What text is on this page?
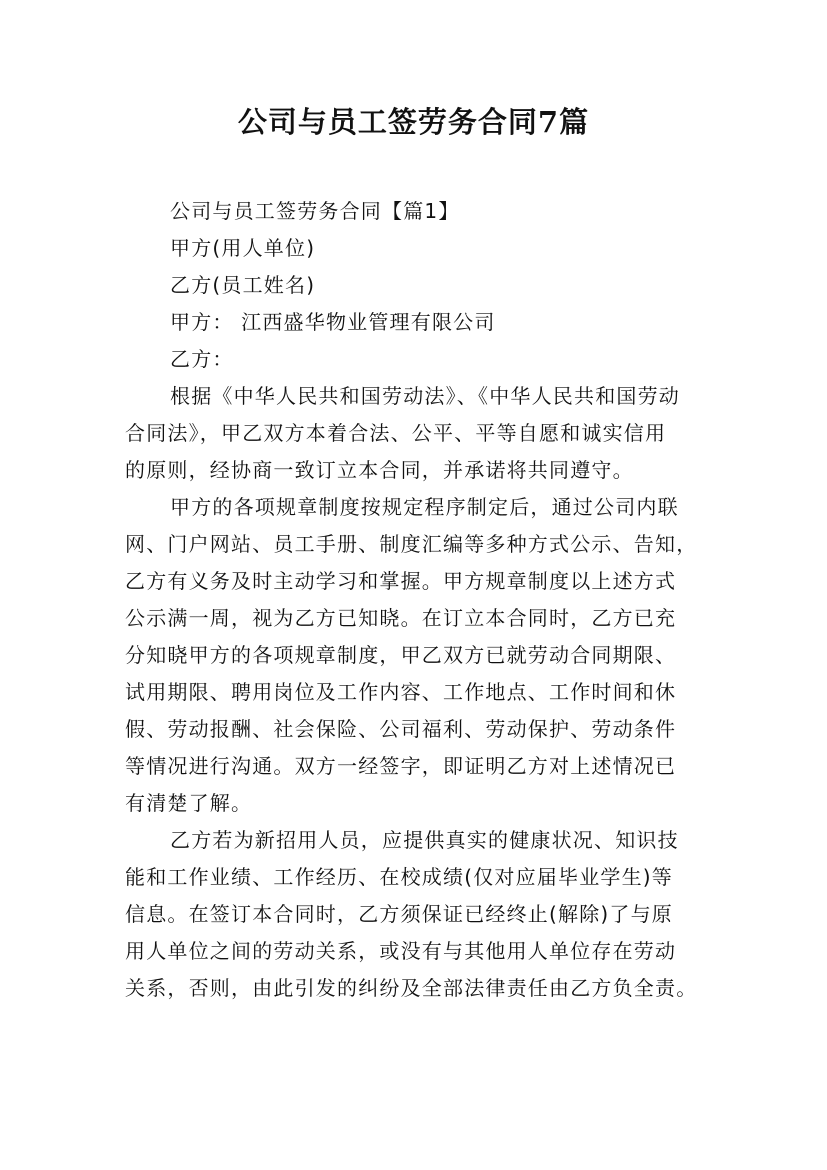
公司与员工签劳务合同7篇
公司与员工签劳务合同【篇1】
甲方(用人单位)
乙方(员工姓名)
甲方： 江西盛华物业管理有限公司
乙方：
根据《中华人民共和国劳动法》、《中华人民共和国劳动
合同法》，甲乙双方本着合法、公平、平等自愿和诚实信用
的原则，经协商一致订立本合同，并承诺将共同遵守。
甲方的各项规章制度按规定程序制定后，通过公司内联
网、门户网站、员工手册、制度汇编等多种方式公示、告知，
乙方有义务及时主动学习和掌握。甲方规章制度以上述方式
公示满一周，视为乙方已知晓。在订立本合同时，乙方已充
分知晓甲方的各项规章制度，甲乙双方已就劳动合同期限、
试用期限、聘用岗位及工作内容、工作地点、工作时间和休
假、劳动报酬、社会保险、公司福利、劳动保护、劳动条件
等情况进行沟通。双方一经签字，即证明乙方对上述情况已
有清楚了解。
乙方若为新招用人员，应提供真实的健康状况、知识技
能和工作业绩、工作经历、在校成绩(仅对应届毕业学生)等
信息。在签订本合同时，乙方须保证已经终止(解除)了与原
用人单位之间的劳动关系，或没有与其他用人单位存在劳动
关系，否则，由此引发的纠纷及全部法律责任由乙方负全责。
